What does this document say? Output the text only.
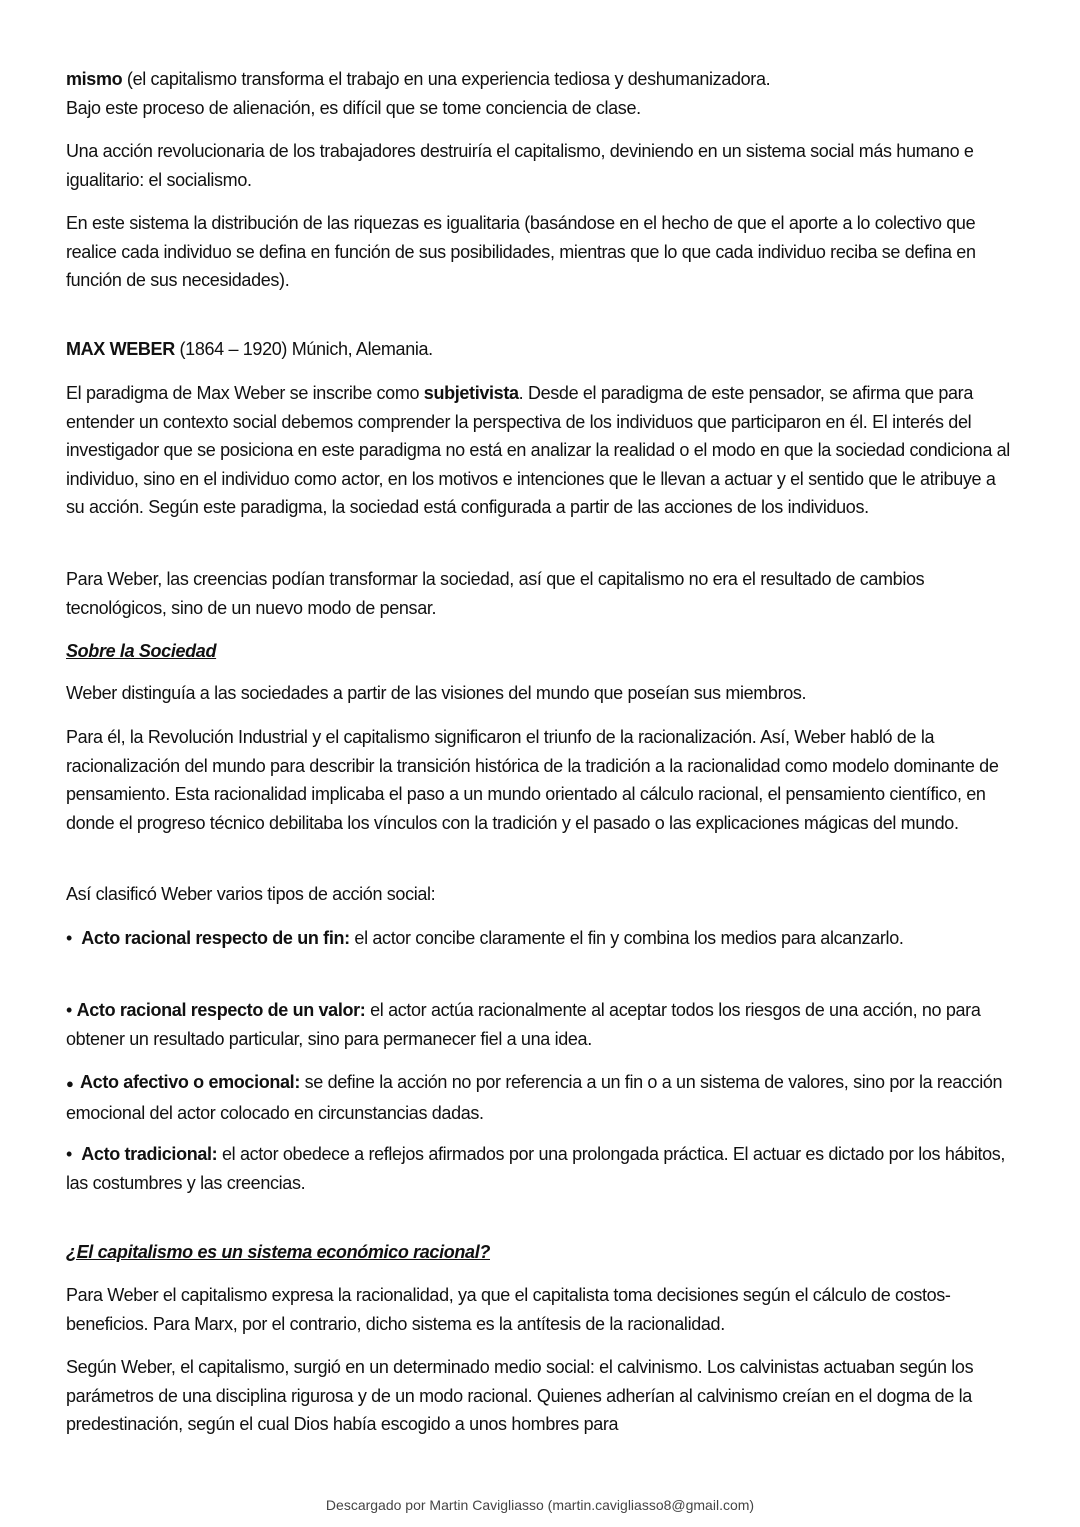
mismo (el capitalismo transforma el trabajo en una experiencia tediosa y deshumanizadora.
Bajo este proceso de alienación, es difícil que se tome conciencia de clase.
Una acción revolucionaria de los trabajadores destruiría el capitalismo, deviniendo en un sistema social más humano e igualitario: el socialismo.
En este sistema la distribución de las riquezas es igualitaria (basándose en el hecho de que el aporte a lo colectivo que realice cada individuo se defina en función de sus posibilidades, mientras que lo que cada individuo reciba se defina en función de sus necesidades).
MAX WEBER (1864 – 1920) Múnich, Alemania.
El paradigma de Max Weber se inscribe como subjetivista. Desde el paradigma de este pensador, se afirma que para entender un contexto social debemos comprender la perspectiva de los individuos que participaron en él. El interés del investigador que se posiciona en este paradigma no está en analizar la realidad o el modo en que la sociedad condiciona al individuo, sino en el individuo como actor, en los motivos e intenciones que le llevan a actuar y el sentido que le atribuye a su acción. Según este paradigma, la sociedad está configurada a partir de las acciones de los individuos.
Para Weber, las creencias podían transformar la sociedad, así que el capitalismo no era el resultado de cambios tecnológicos, sino de un nuevo modo de pensar.
Sobre la Sociedad
Weber distinguía a las sociedades a partir de las visiones del mundo que poseían sus miembros.
Para él, la Revolución Industrial y el capitalismo significaron el triunfo de la racionalización. Así, Weber habló de la racionalización del mundo para describir la transición histórica de la tradición a la racionalidad como modelo dominante de pensamiento. Esta racionalidad implicaba el paso a un mundo orientado al cálculo racional, el pensamiento científico, en donde el progreso técnico debilitaba los vínculos con la tradición y el pasado o las explicaciones mágicas del mundo.
Así clasificó Weber varios tipos de acción social:
•  Acto racional respecto de un fin: el actor concibe claramente el fin y combina los medios para alcanzarlo.
• Acto racional respecto de un valor: el actor actúa racionalmente al aceptar todos los riesgos de una acción, no para obtener un resultado particular, sino para permanecer fiel a una idea.
●  Acto afectivo o emocional: se define la acción no por referencia a un fin o a un sistema de valores, sino por la reacción emocional del actor colocado en circunstancias dadas.
•  Acto tradicional: el actor obedece a reflejos afirmados por una prolongada práctica. El actuar es dictado por los hábitos, las costumbres y las creencias.
¿El capitalismo es un sistema económico racional?
Para Weber el capitalismo expresa la racionalidad, ya que el capitalista toma decisiones según el cálculo de costos-beneficios. Para Marx, por el contrario, dicho sistema es la antítesis de la racionalidad.
Según Weber, el capitalismo, surgió en un determinado medio social: el calvinismo. Los calvinistas actuaban según los parámetros de una disciplina rigurosa y de un modo racional. Quienes adherían al calvinismo creían en el dogma de la predestinación, según el cual Dios había escogido a unos hombres para
Descargado por Martin Cavigliasso (martin.cavigliasso8@gmail.com)
